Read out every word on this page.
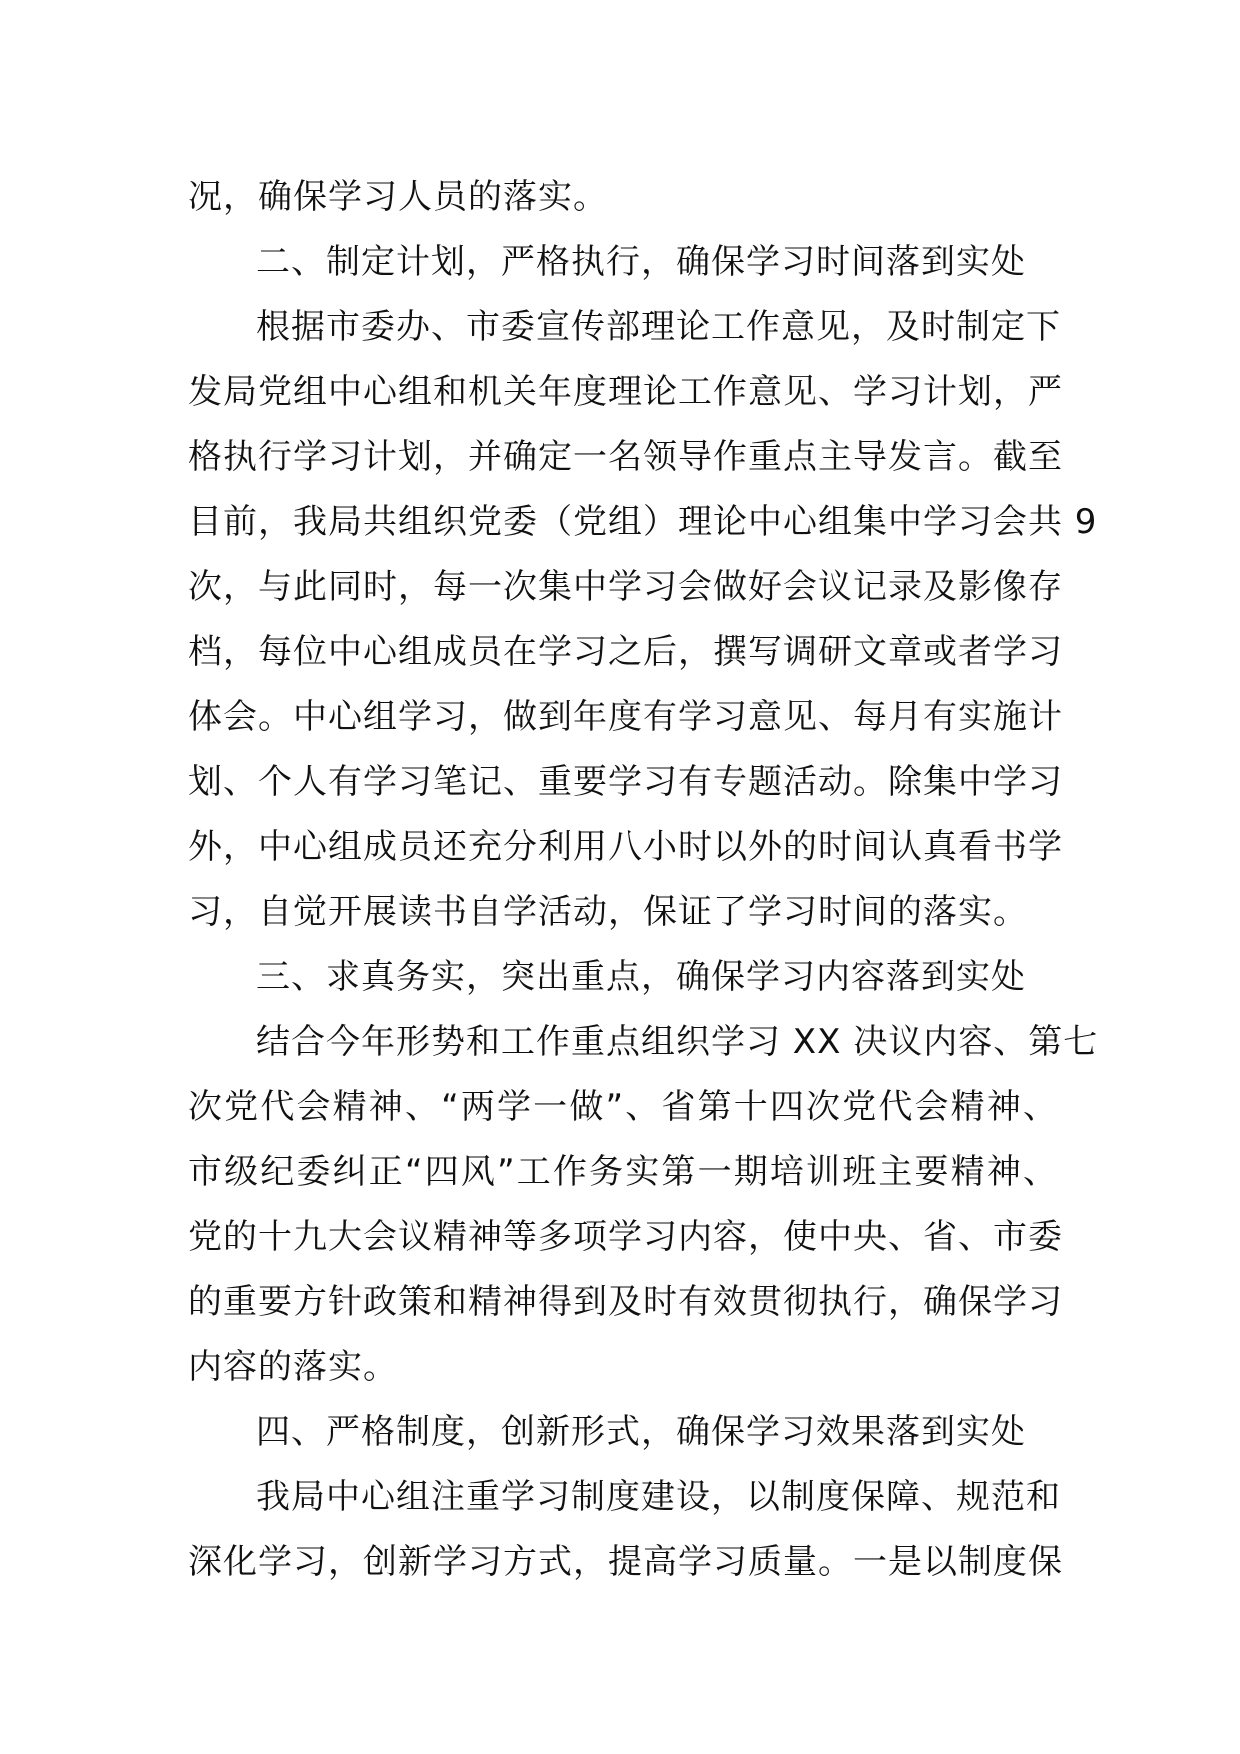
况，确保学习人员的落实。
二、制定计划，严格执行，确保学习时间落到实处
根据市委办、市委宣传部理论工作意见，及时制定下
发局党组中心组和机关年度理论工作意见、学习计划，严
格执行学习计划，并确定一名领导作重点主导发言。截至
目前，我局共组织党委（党组）理论中心组集中学习会共 9
次，与此同时，每一次集中学习会做好会议记录及影像存
档，每位中心组成员在学习之后，撰写调研文章或者学习
体会。中心组学习，做到年度有学习意见、每月有实施计
划、个人有学习笔记、重要学习有专题活动。除集中学习
外，中心组成员还充分利用八小时以外的时间认真看书学
习，自觉开展读书自学活动，保证了学习时间的落实。
三、求真务实，突出重点，确保学习内容落到实处
结合今年形势和工作重点组织学习 XX 决议内容、第七
次党代会精神、“两学一做”、省第十四次党代会精神、
市级纪委纠正“四风”工作务实第一期培训班主要精神、
党的十九大会议精神等多项学习内容，使中央、省、市委
的重要方针政策和精神得到及时有效贯彻执行，确保学习
内容的落实。
四、严格制度，创新形式，确保学习效果落到实处
我局中心组注重学习制度建设，以制度保障、规范和
深化学习，创新学习方式，提高学习质量。一是以制度保
